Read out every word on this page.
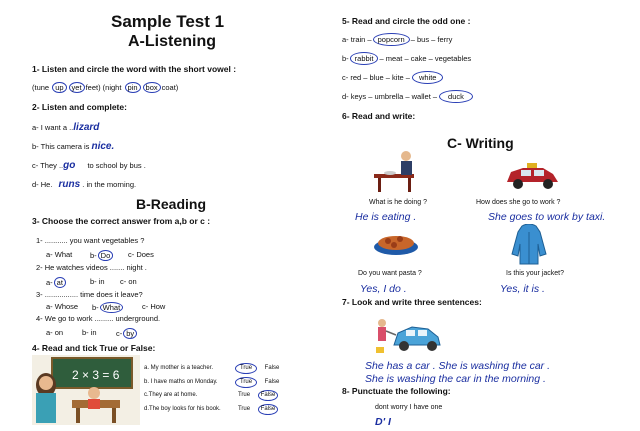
Sample Test 1
A-Listening
1- Listen and circle the word with the short vowel :
(tune up yet feet) (night pin box coat)
2- Listen and complete:
a- I want a ..lizard
b- This camera is nice.
c- They ..go to school by bus .
d- He. runs . in the morning.
B-Reading
3- Choose the correct answer from a,b or c :
1- ........... you want vegetables ?
a- What b- Do	c- Does
2- He watches videos ....... night .
a- at	b- in c- on
3- ................ time does it leave?
a- Whose b- What	c- How
4- We go to work ......... underground.
a- on	b- in	c- by
4- Read and tick True or False:
2 × 3 = 6	a. My mother is a teacher.	True False
b. I have maths on Monday.	True False
c.They are at home.	True False
d.The boy looks for his book.	True False
5- Read and circle the odd one :
a- train – popcorn – bus – ferry
b- rabbit – meat – cake – vegetables
c- red – blue – kite – white
d- keys – umbrella – wallet – duck
6- Read and write:
C- Writing
What is he doing ?	How does she go to work ?
He is eating .	She goes to work by taxi.
Do you want pasta ?	Is this your jacket?
Yes, I do .	Yes, it is .
7- Look and write three sentences:
She has a car . She is washing the car .
She is washing the car in the morning .
8- Punctuate the following:
dont worry I have one
D' I
